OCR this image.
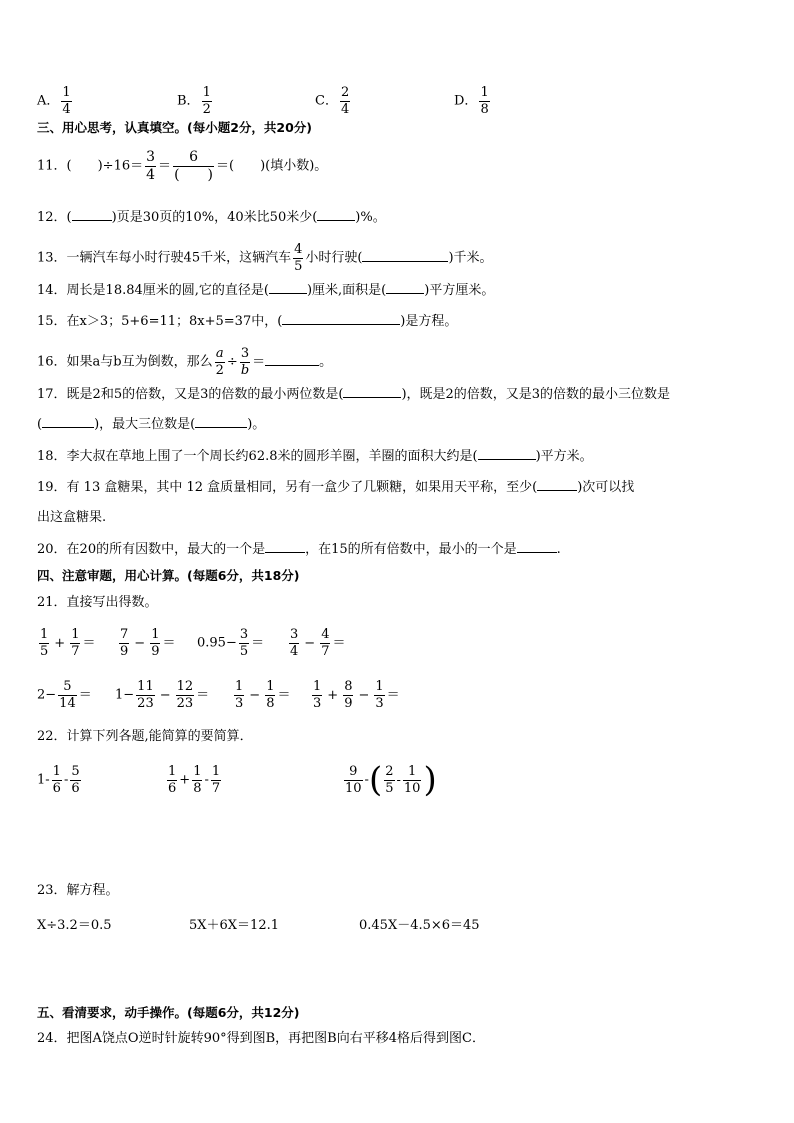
A． $\frac{1}{4}$	B． $\frac{1}{2}$	C． $\frac{2}{4}$	D． $\frac{1}{8}$
三、用心思考，认真填空。(每小题2分，共20分)
11．(　　)$\div 16= \frac{3}{4} = \frac{6}{( )}$ ＝(　　)(填小数)。
12．(	)页是30页的10%，40米比50米少(	)%。
13．一辆汽车每小时行驶45千米，这辆汽车 $\frac{4}{5}$ 小时行驶(	)千米。
14．周长是18.84厘米的圆,它的直径是(	)厘米,面积是(	)平方厘米。
15．在x＞3；5+6=11；8x+5=37中，(	)是方程。
16．如果a与b互为倒数，那么 $\frac{a}{2} \div \frac{3}{b}$ ＝	。
17．既是2和5的倍数，又是3的倍数的最小两位数是(	)，既是2的倍数，又是3的倍数的最小三位数是
(	)，最大三位数是(	)。
18．李大叔在草地上围了一个周长约62.8米的圆形羊圈，羊圈的面积大约是(	)平方米。
19．有 13 盒糖果，其中 12 盒质量相同，另有一盒少了几颗糖，如果用天平称，至少(	)次可以找
出这盒糖果.
20．在20的所有因数中，最大的一个是	，在15的所有倍数中，最小的一个是	.
四、注意审题，用心计算。(每题6分，共18分)
21．直接写出得数。
$\frac{1}{5} + \frac{1}{7} = \frac{7}{9} - \frac{1}{9} = 0.95- \frac{3}{5} = \frac{3}{4} - \frac{4}{7}$ ＝
$2- \frac{5}{14} = 1- \frac{11}{23} - \frac{12}{23} = \frac{1}{3} - \frac{1}{8} = \frac{1}{3} + \frac{8}{9} - \frac{1}{3}$ ＝
22．计算下列各题,能简算的要简算．
$1- \frac{1}{6} - \frac{5}{6}$	$\frac{1}{6} + \frac{1}{8} - \frac{1}{7}$	$\frac{9}{10}$ - ( $\frac{2}{5} - \frac{1}{10}$ )
23．解方程。
X÷3.2＝0.5	5X＋6X＝12.1	0.45X－4.5×6＝45
五、看清要求，动手操作。(每题6分，共12分)
24．把图A饶点O逆时针旋转90°得到图B，再把图B向右平移4格后得到图C．
